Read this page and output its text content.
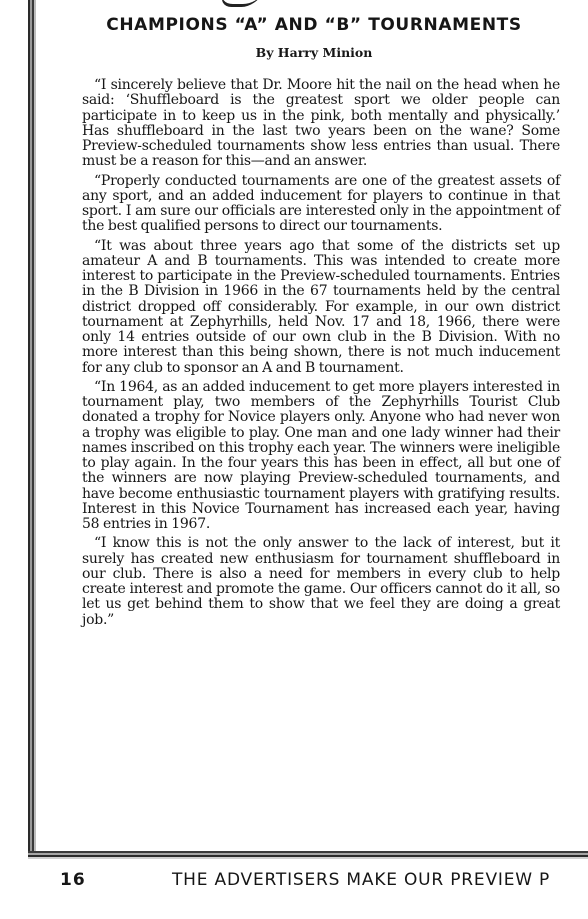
CHAMPIONS “A” AND “B” TOURNAMENTS
By Harry Minion

“I sincerely believe that Dr. Moore hit the nail on the head when he said: ‘Shuffleboard is the greatest sport we older people can participate in to keep us in the pink, both mentally and physically.’ Has shuffleboard in the last two years been on the wane? Some Preview-scheduled tournaments show less entries than usual. There must be a reason for this—and an answer.

“Properly conducted tournaments are one of the greatest assets of any sport, and an added inducement for players to continue in that sport. I am sure our officials are interested only in the appointment of the best qualified persons to direct our tournaments.

“It was about three years ago that some of the districts set up amateur A and B tournaments. This was intended to create more interest to participate in the Preview-scheduled tournaments. Entries in the B Division in 1966 in the 67 tournaments held by the central district dropped off considerably. For example, in our own district tournament at Zephyrhills, held Nov. 17 and 18, 1966, there were only 14 entries outside of our own club in the B Division. With no more interest than this being shown, there is not much inducement for any club to sponsor an A and B tournament.

“In 1964, as an added inducement to get more players interested in tournament play, two members of the Zephyrhills Tourist Club donated a trophy for Novice players only. Anyone who had never won a trophy was eligible to play. One man and one lady winner had their names inscribed on this trophy each year. The winners were ineligible to play again. In the four years this has been in effect, all but one of the winners are now playing Preview-scheduled tournaments, and have become enthusiastic tournament players with gratifying results. Interest in this Novice Tournament has increased each year, having 58 entries in 1967.

“I know this is not the only answer to the lack of interest, but it surely has created new enthusiasm for tournament shuffleboard in our club. There is also a need for members in every club to help create interest and promote the game. Our officers cannot do it all, so let us get behind them to show that we feel they are doing a great job.”

16	THE ADVERTISERS MAKE OUR PREVIEW P
